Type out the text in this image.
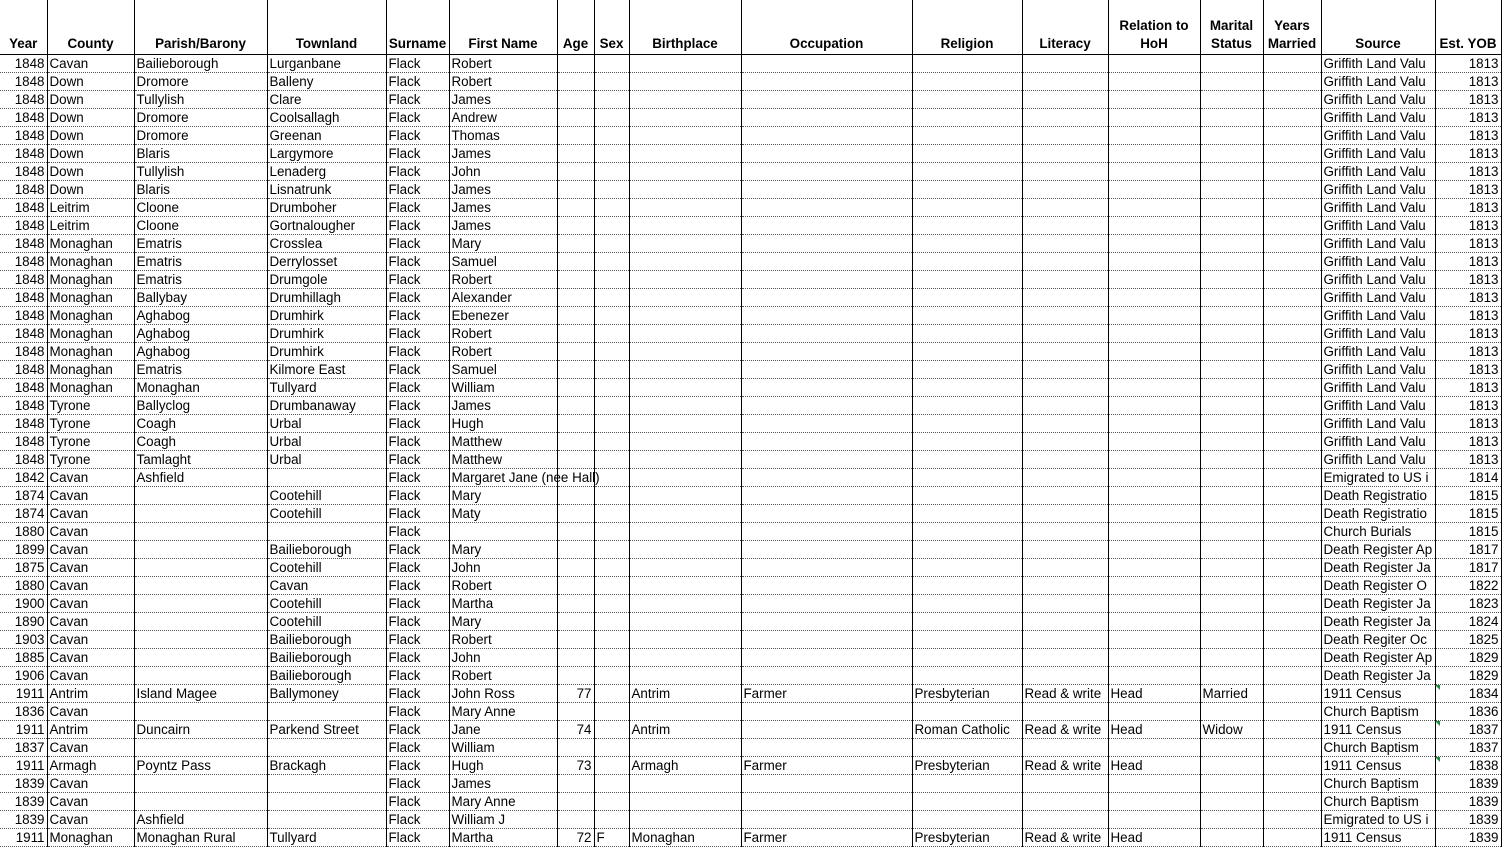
Year	County	Parish/Barony	Townland	Surname	First Name	Age	Sex	Birthplace	Occupation	Religion	Literacy	Relation to HoH	Marital Status	Years Married	Source	Est. YOB
1848	Cavan	Bailieborough	Lurganbane	Flack	Robert										Griffith Land Valu	1813
1848	Down	Dromore	Balleny	Flack	Robert										Griffith Land Valu	1813
1848	Down	Tullylish	Clare	Flack	James										Griffith Land Valu	1813
1848	Down	Dromore	Coolsallagh	Flack	Andrew										Griffith Land Valu	1813
1848	Down	Dromore	Greenan	Flack	Thomas										Griffith Land Valu	1813
1848	Down	Blaris	Largymore	Flack	James										Griffith Land Valu	1813
1848	Down	Tullylish	Lenaderg	Flack	John										Griffith Land Valu	1813
1848	Down	Blaris	Lisnatrunk	Flack	James										Griffith Land Valu	1813
1848	Leitrim	Cloone	Drumboher	Flack	James										Griffith Land Valu	1813
1848	Leitrim	Cloone	Gortnalougher	Flack	James										Griffith Land Valu	1813
1848	Monaghan	Ematris	Crosslea	Flack	Mary										Griffith Land Valu	1813
1848	Monaghan	Ematris	Derrylosset	Flack	Samuel										Griffith Land Valu	1813
1848	Monaghan	Ematris	Drumgole	Flack	Robert										Griffith Land Valu	1813
1848	Monaghan	Ballybay	Drumhillagh	Flack	Alexander										Griffith Land Valu	1813
1848	Monaghan	Aghabog	Drumhirk	Flack	Ebenezer										Griffith Land Valu	1813
1848	Monaghan	Aghabog	Drumhirk	Flack	Robert										Griffith Land Valu	1813
1848	Monaghan	Aghabog	Drumhirk	Flack	Robert										Griffith Land Valu	1813
1848	Monaghan	Ematris	Kilmore East	Flack	Samuel										Griffith Land Valu	1813
1848	Monaghan	Monaghan	Tullyard	Flack	William										Griffith Land Valu	1813
1848	Tyrone	Ballyclog	Drumbanaway	Flack	James										Griffith Land Valu	1813
1848	Tyrone	Coagh	Urbal	Flack	Hugh										Griffith Land Valu	1813
1848	Tyrone	Coagh	Urbal	Flack	Matthew										Griffith Land Valu	1813
1848	Tyrone	Tamlaght	Urbal	Flack	Matthew										Griffith Land Valu	1813
1842	Cavan	Ashfield		Flack	Margaret Jane (nee Hall)										Emigrated to US i	1814
1874	Cavan		Cootehill	Flack	Mary										Death Registratio	1815
1874	Cavan		Cootehill	Flack	Maty										Death Registratio	1815
1880	Cavan			Flack											Church Burials	1815
1899	Cavan		Bailieborough	Flack	Mary										Death Register Ap	1817
1875	Cavan		Cootehill	Flack	John										Death Register Ja	1817
1880	Cavan		Cavan	Flack	Robert										Death Register O	1822
1900	Cavan		Cootehill	Flack	Martha										Death Register Ja	1823
1890	Cavan		Cootehill	Flack	Mary										Death Register Ja	1824
1903	Cavan		Bailieborough	Flack	Robert										Death Regiter Oc	1825
1885	Cavan		Bailieborough	Flack	John										Death Register Ap	1829
1906	Cavan		Bailieborough	Flack	Robert										Death Register Ja	1829
1911	Antrim	Island Magee	Ballymoney	Flack	John Ross	77		Antrim	Farmer	Presbyterian	Read & write	Head	Married		1911 Census	1834

1836	Cavan			Flack	Mary Anne										Church Baptism	1836
1911	Antrim	Duncairn	Parkend Street	Flack	Jane	74		Antrim		Roman Catholic	Read & write	Head	Widow		1911 Census	1837

1837	Cavan			Flack	William										Church Baptism	1837
1911	Armagh	Poyntz Pass	Brackagh	Flack	Hugh	73		Armagh	Farmer	Presbyterian	Read & write	Head			1911 Census	1838

1839	Cavan			Flack	James										Church Baptism	1839
1839	Cavan			Flack	Mary Anne										Church Baptism	1839
1839	Cavan	Ashfield		Flack	William J										Emigrated to US i	1839
1911	Monaghan	Monaghan Rural	Tullyard	Flack	Martha	72	F	Monaghan	Farmer	Presbyterian	Read & write	Head			1911 Census	1839
